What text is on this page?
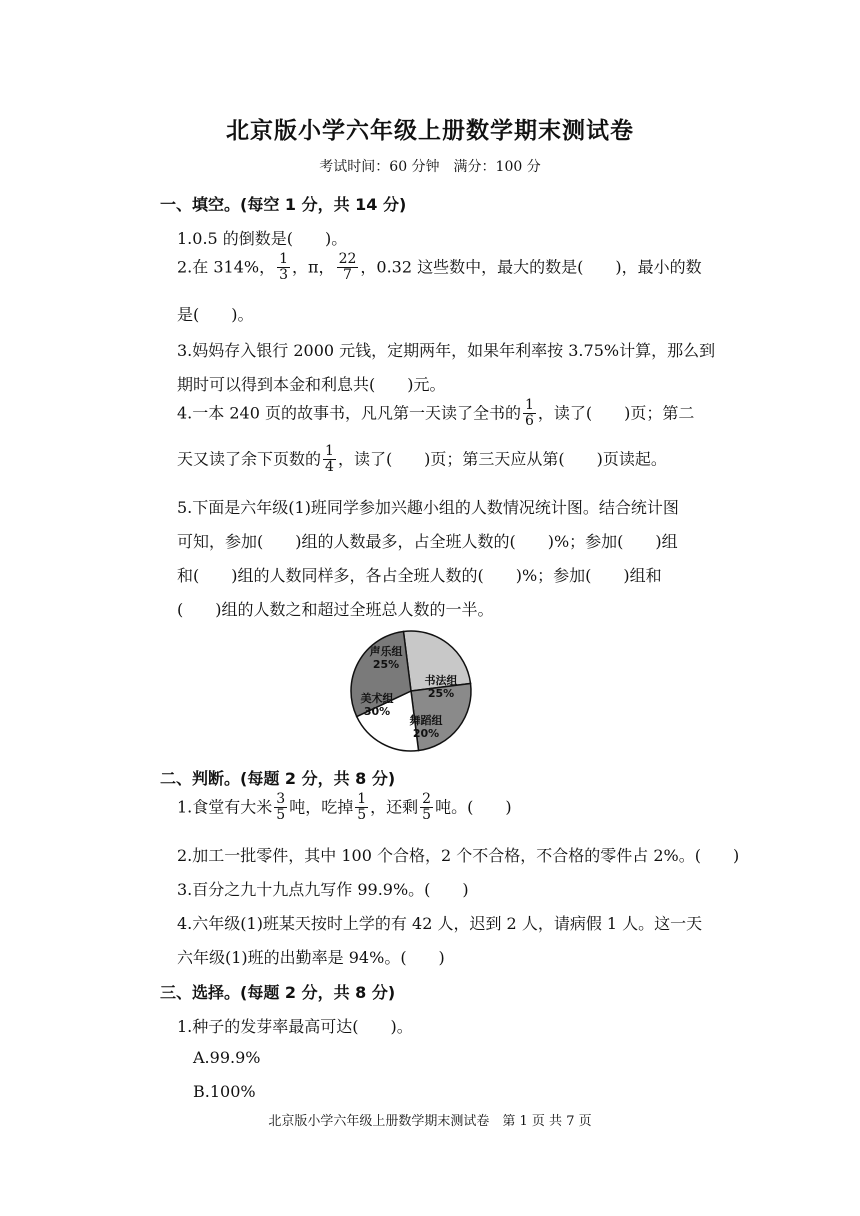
北京版小学六年级上册数学期末测试卷
考试时间：60 分钟　满分：100 分
一、填空。(每空 1 分，共 14 分)
1.0.5 的倒数是(　　)。
2.在 314%， $\frac{1}{3}$ ，π， $\frac{22}{7}$ ，0.32 这些数中，最大的数是(　　)，最小的数
是(　　)。
3.妈妈存入银行 2000 元钱，定期两年，如果年利率按 3.75%计算，那么到
期时可以得到本金和利息共(　　)元。
4.一本 240 页的故事书，凡凡第一天读了全书的 $\frac{1}{6}$ ，读了(　　)页；第二
天又读了余下页数的 $\frac{1}{4}$ ，读了(　　)页；第三天应从第(　　)页读起。
5.下面是六年级(1)班同学参加兴趣小组的人数情况统计图。结合统计图
可知，参加(　　)组的人数最多，占全班人数的(　　)%；参加(　　)组
和(　　)组的人数同样多，各占全班人数的(　　)%；参加(　　)组和
(　　)组的人数之和超过全班总人数的一半。
声乐组
25%
书法组
25%
舞蹈组
20%
美术组
30%
二、判断。(每题 2 分，共 8 分)
1.食堂有大米 $\frac{3}{5}$ 吨，吃掉 $\frac{1}{5}$ ，还剩 $\frac{2}{5}$ 吨。(　　)
2.加工一批零件，其中 100 个合格，2 个不合格，不合格的零件占 2%。(　　)
3.百分之九十九点九写作 99.9%。(　　)
4.六年级(1)班某天按时上学的有 42 人，迟到 2 人，请病假 1 人。这一天
六年级(1)班的出勤率是 94%。(　　)
三、选择。(每题 2 分，共 8 分)
1.种子的发芽率最高可达(　　)。
A.99.9%
B.100%
北京版小学六年级上册数学期末测试卷　第 1 页 共 7 页
